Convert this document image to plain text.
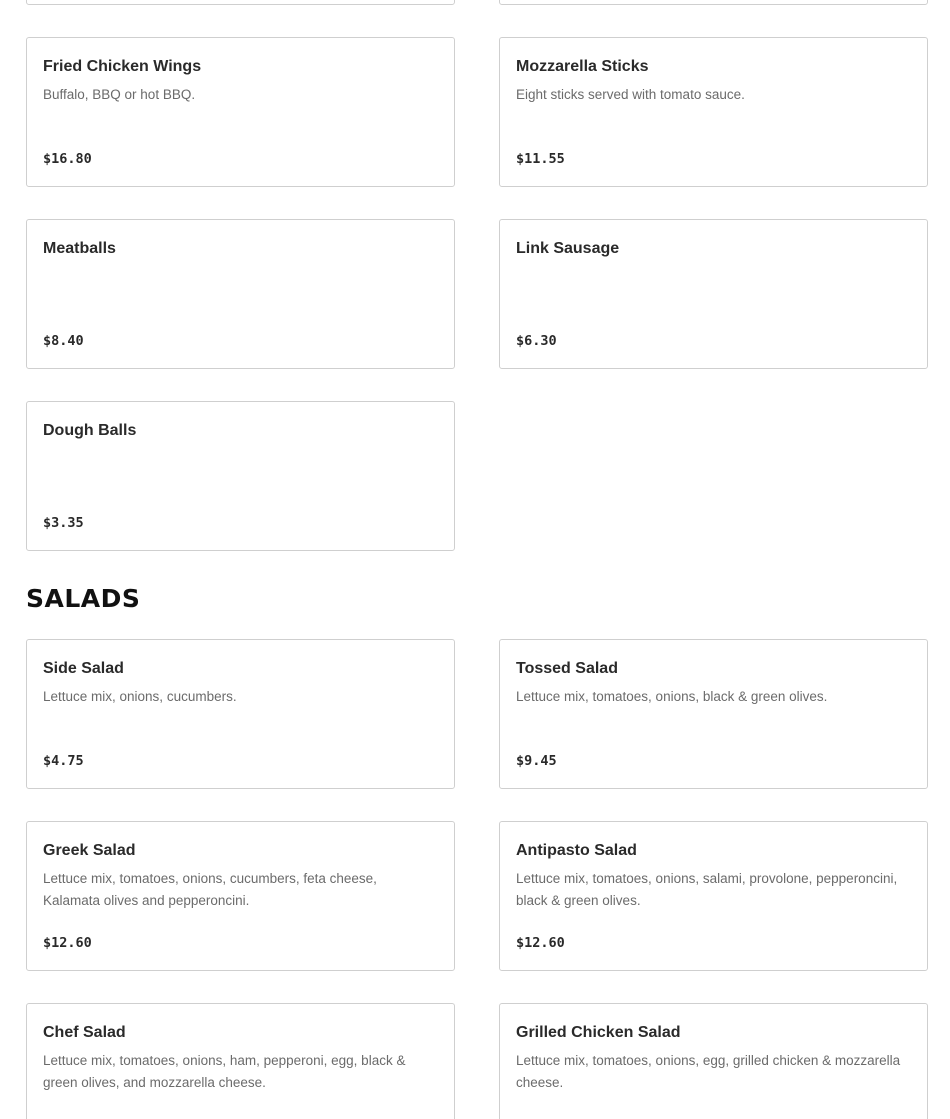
Fried Chicken Wings
Buffalo, BBQ or hot BBQ.
$16.80
Mozzarella Sticks
Eight sticks served with tomato sauce.
$11.55
Meatballs
$8.40
Link Sausage
$6.30
Dough Balls
$3.35
SALADS
Side Salad
Lettuce mix, onions, cucumbers.
$4.75
Tossed Salad
Lettuce mix, tomatoes, onions, black & green olives.
$9.45
Greek Salad
Lettuce mix, tomatoes, onions, cucumbers, feta cheese, Kalamata olives and pepperoncini.
$12.60
Antipasto Salad
Lettuce mix, tomatoes, onions, salami, provolone, pepperoncini, black & green olives.
$12.60
Chef Salad
Lettuce mix, tomatoes, onions, ham, pepperoni, egg, black & green olives, and mozzarella cheese.
Grilled Chicken Salad
Lettuce mix, tomatoes, onions, egg, grilled chicken & mozzarella cheese.
